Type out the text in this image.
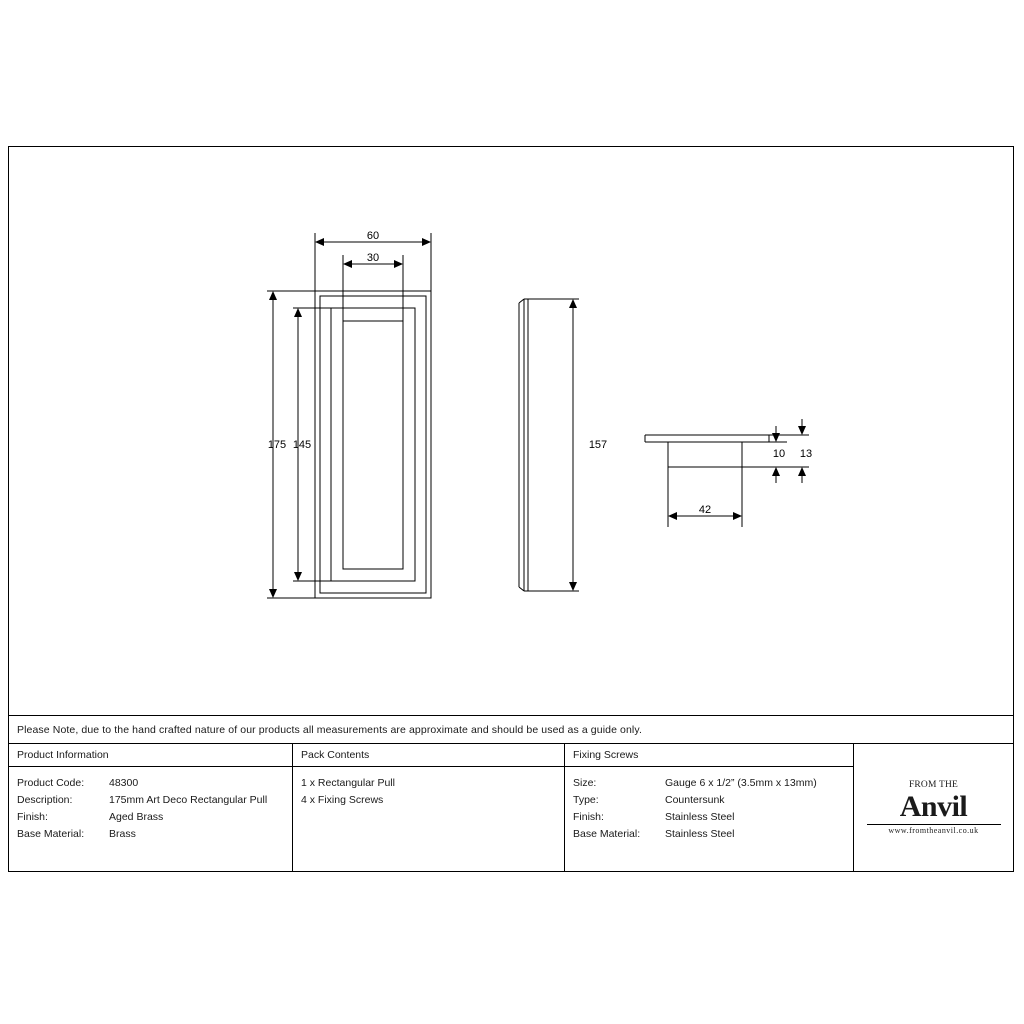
60
30
175 145	157
13
10
42
Please Note, due to the hand crafted nature of our products all measurements are approximate and should be used as a guide only.
Product Information
Product Code:	48300
Description:	175mm Art Deco Rectangular Pull
Finish:	Aged Brass
Base Material:	Brass
Pack Contents
1 x Rectangular Pull
4 x Fixing Screws
Fixing Screws
Size:	Gauge 6 x 1/2” (3.5mm x 13mm)
Type:	Countersunk
Finish:	Stainless Steel
Base Material:	Stainless Steel
FROM THE
Anvil
www.fromtheanvil.co.uk
